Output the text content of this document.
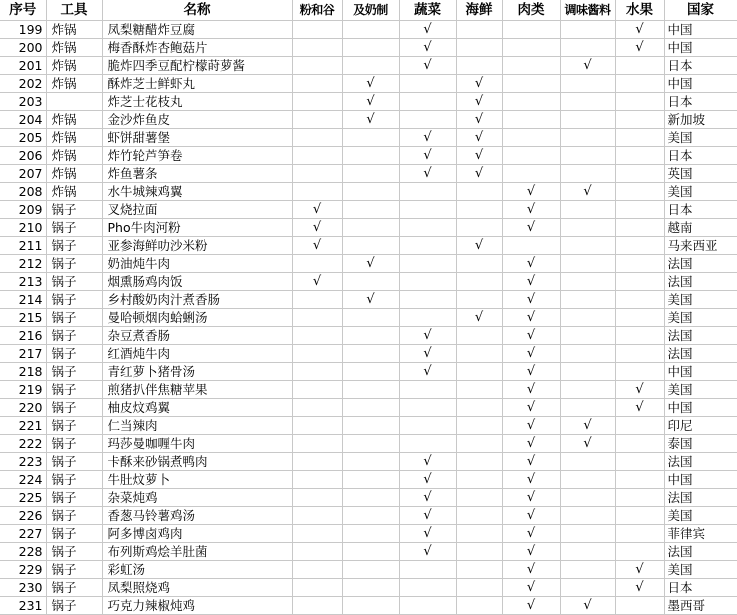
序号	工具	名称	粉和谷	及奶制	蔬菜	海鲜	肉类	调味酱料	水果	国家
199	炸锅	凤梨糖醋炸豆腐			√				√	中国
200	炸锅	梅香酥炸杏鲍菇片			√				√	中国
201	炸锅	脆炸四季豆配柠檬莳萝酱			√			√		日本
202	炸锅	酥炸芝士鲜虾丸		√		√				中国
203		炸芝士花枝丸		√		√				日本
204	炸锅	金沙炸鱼皮		√		√				新加坡
205	炸锅	虾饼甜薯堡			√	√				美国
206	炸锅	炸竹轮芦笋卷			√	√				日本
207	炸锅	炸鱼薯条			√	√				英国
208	炸锅	水牛城辣鸡翼					√	√		美国
209	锅子	叉烧拉面	√				√			日本
210	锅子	Pho牛肉河粉	√				√			越南
211	锅子	亚参海鲜叻沙米粉	√			√				马来西亚
212	锅子	奶油炖牛肉		√			√			法国
213	锅子	烟熏肠鸡肉饭	√				√			法国
214	锅子	乡村酸奶肉汁煮香肠		√			√			美国
215	锅子	曼哈顿烟肉蛤蜊汤				√	√			美国
216	锅子	杂豆煮香肠			√		√			法国
217	锅子	红酒炖牛肉			√		√			法国
218	锅子	青红萝卜猪骨汤			√		√			中国
219	锅子	煎猪扒伴焦糖苹果					√		√	美国
220	锅子	柚皮炆鸡翼					√		√	中国
221	锅子	仁当辣肉					√	√		印尼
222	锅子	玛莎曼咖喱牛肉					√	√		泰国
223	锅子	卡酥来砂锅煮鸭肉			√		√			法国
224	锅子	牛肚炆萝卜			√		√			中国
225	锅子	杂菜炖鸡			√		√			法国
226	锅子	香葱马铃薯鸡汤			√		√			美国
227	锅子	阿多博卤鸡肉			√		√			菲律宾
228	锅子	布列斯鸡烩羊肚菌			√		√			法国
229	锅子	彩虹汤					√		√	美国
230	锅子	凤梨照烧鸡					√		√	日本
231	锅子	巧克力辣椒炖鸡					√	√		墨西哥
